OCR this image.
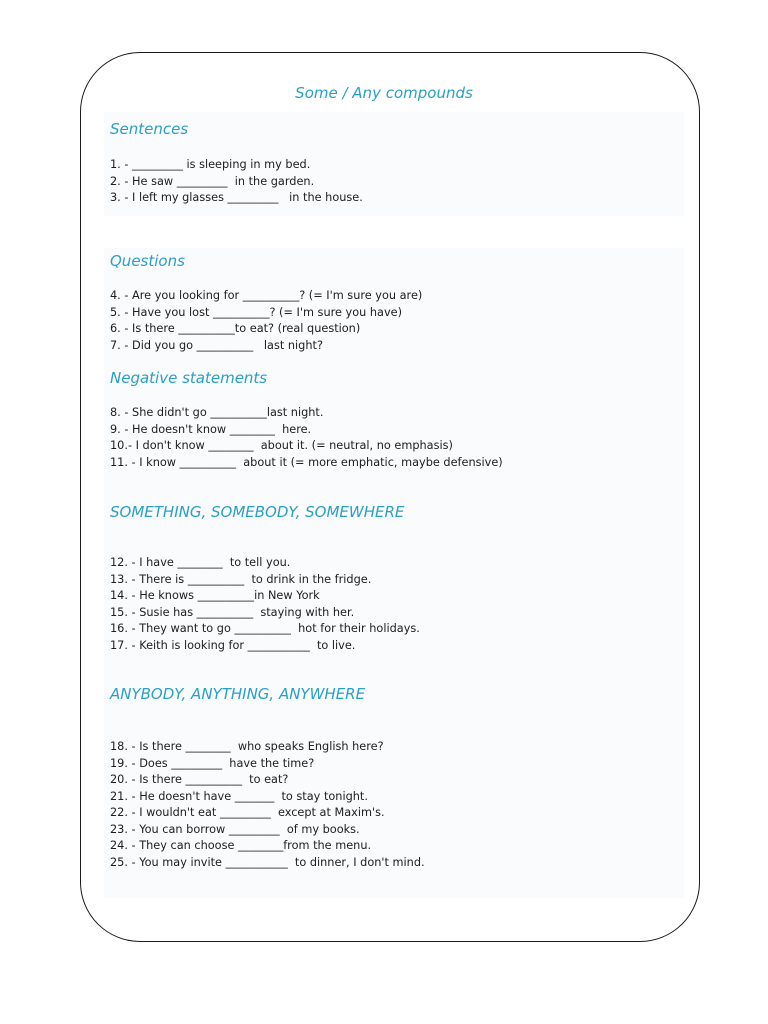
Some / Any compounds
Sentences
1. - _________ is sleeping in my bed.
2. - He saw _________  in the garden.
3. - I left my glasses _________   in the house.
Questions
4. - Are you looking for __________? (= I'm sure you are)
5. - Have you lost __________? (= I'm sure you have)
6. - Is there __________to eat? (real question)
7. - Did you go __________   last night?
Negative statements
8. - She didn't go __________last night.
9. - He doesn't know ________  here.
10.- I don't know ________  about it. (= neutral, no emphasis)
11. - I know __________  about it (= more emphatic, maybe defensive)
SOMETHING, SOMEBODY, SOMEWHERE
12. - I have ________  to tell you.
13. - There is __________  to drink in the fridge.
14. - He knows __________in New York
15. - Susie has __________  staying with her.
16. - They want to go __________  hot for their holidays.
17. - Keith is looking for ___________  to live.
ANYBODY, ANYTHING, ANYWHERE
18. - Is there ________  who speaks English here?
19. - Does _________  have the time?
20. - Is there __________  to eat?
21. - He doesn't have _______  to stay tonight.
22. - I wouldn't eat _________  except at Maxim's.
23. - You can borrow _________  of my books.
24. - They can choose ________from the menu.
25. - You may invite ___________  to dinner, I don't mind.
